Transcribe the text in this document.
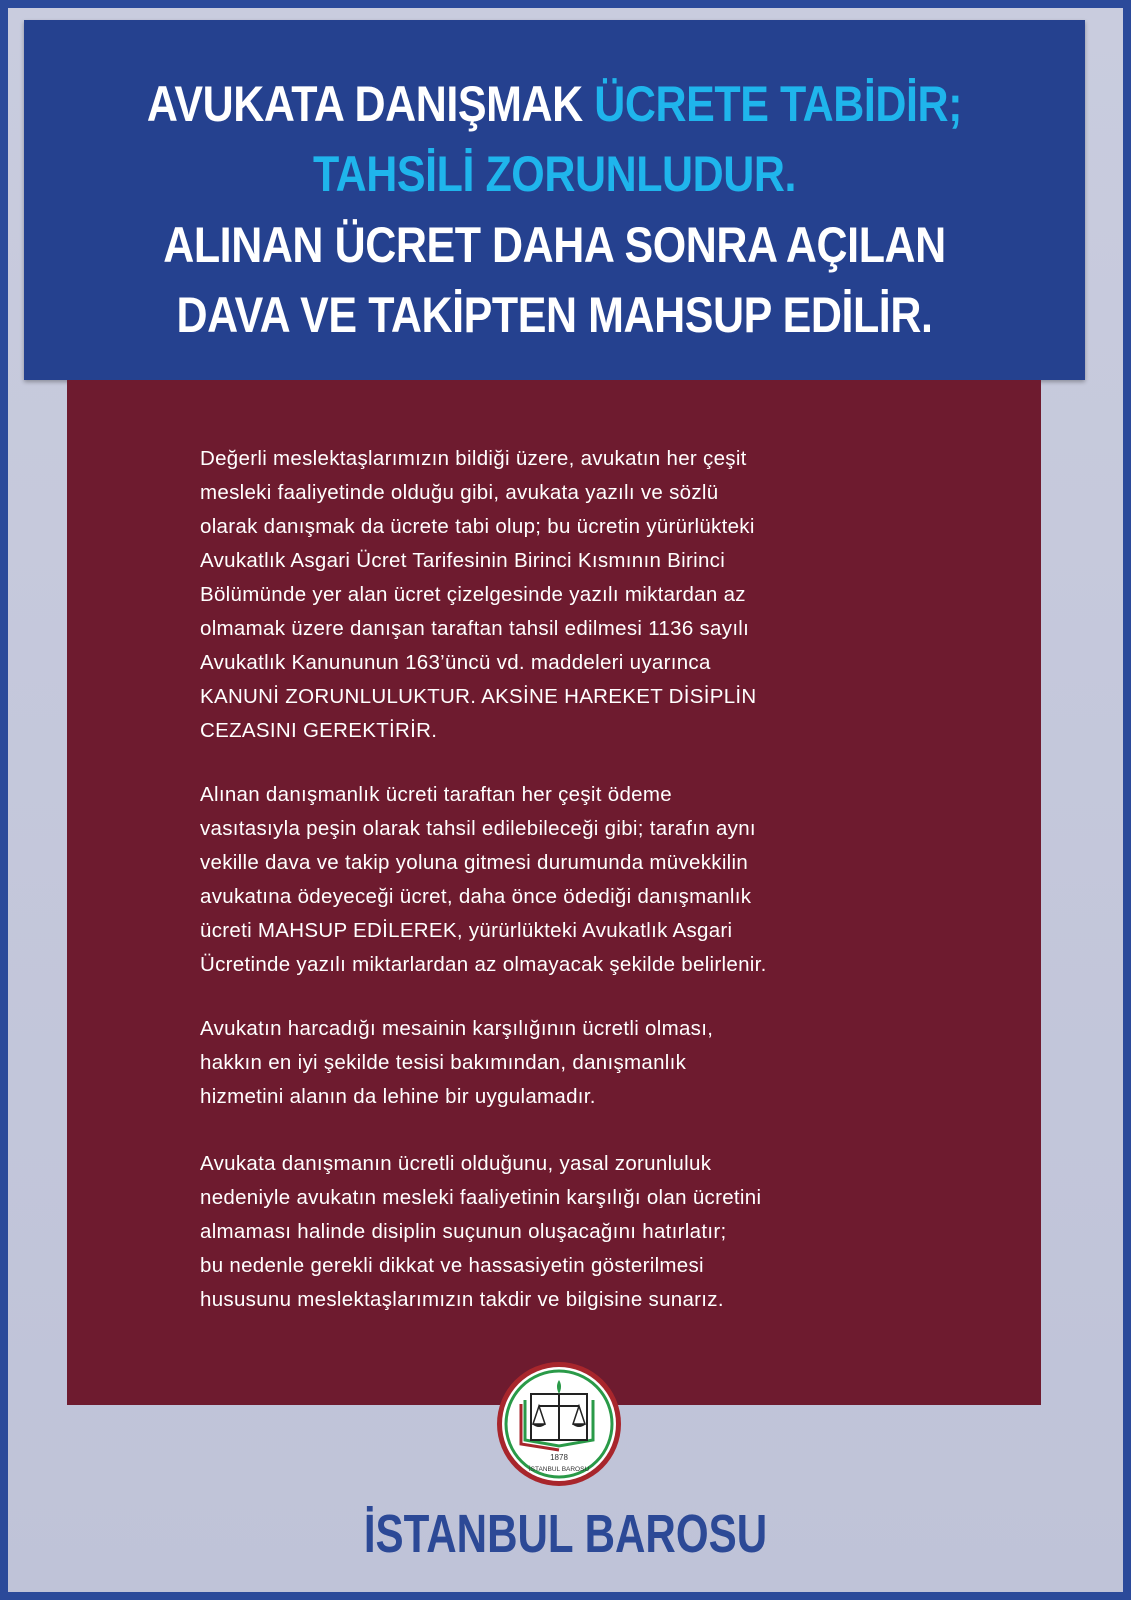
AVUKATA DANIŞMAK ÜCRETE TABİDİR;
TAHSİLİ ZORUNLUDUR.
ALINAN ÜCRET DAHA SONRA AÇILAN
DAVA VE TAKİPTEN MAHSUP EDİLİR.
Değerli meslektaşlarımızın bildiği üzere, avukatın her çeşit
mesleki faaliyetinde olduğu gibi, avukata yazılı ve sözlü
olarak danışmak da ücrete tabi olup; bu ücretin yürürlükteki
Avukatlık Asgari Ücret Tarifesinin Birinci Kısmının Birinci
Bölümünde yer alan ücret çizelgesinde yazılı miktardan az
olmamak üzere danışan taraftan tahsil edilmesi 1136 sayılı
Avukatlık Kanununun 163’üncü vd. maddeleri uyarınca
KANUNİ ZORUNLULUKTUR. AKSİNE HAREKET DİSİPLİN
CEZASINI GEREKTİRİR.
Alınan danışmanlık ücreti taraftan her çeşit ödeme
vasıtasıyla peşin olarak tahsil edilebileceği gibi; tarafın aynı
vekille dava ve takip yoluna gitmesi durumunda müvekkilin
avukatına ödeyeceği ücret, daha önce ödediği danışmanlık
ücreti MAHSUP EDİLEREK, yürürlükteki Avukatlık Asgari
Ücretinde yazılı miktarlardan az olmayacak şekilde belirlenir.
Avukatın harcadığı mesainin karşılığının ücretli olması,
hakkın en iyi şekilde tesisi bakımından, danışmanlık
hizmetini alanın da lehine bir uygulamadır.
Avukata danışmanın ücretli olduğunu, yasal zorunluluk
nedeniyle avukatın mesleki faaliyetinin karşılığı olan ücretini
almaması halinde disiplin suçunun oluşacağını hatırlatır;
bu nedenle gerekli dikkat ve hassasiyetin gösterilmesi
hususunu meslektaşlarımızın takdir ve bilgisine sunarız.
1878
İSTANBUL BAROSU
İSTANBUL BAROSU
